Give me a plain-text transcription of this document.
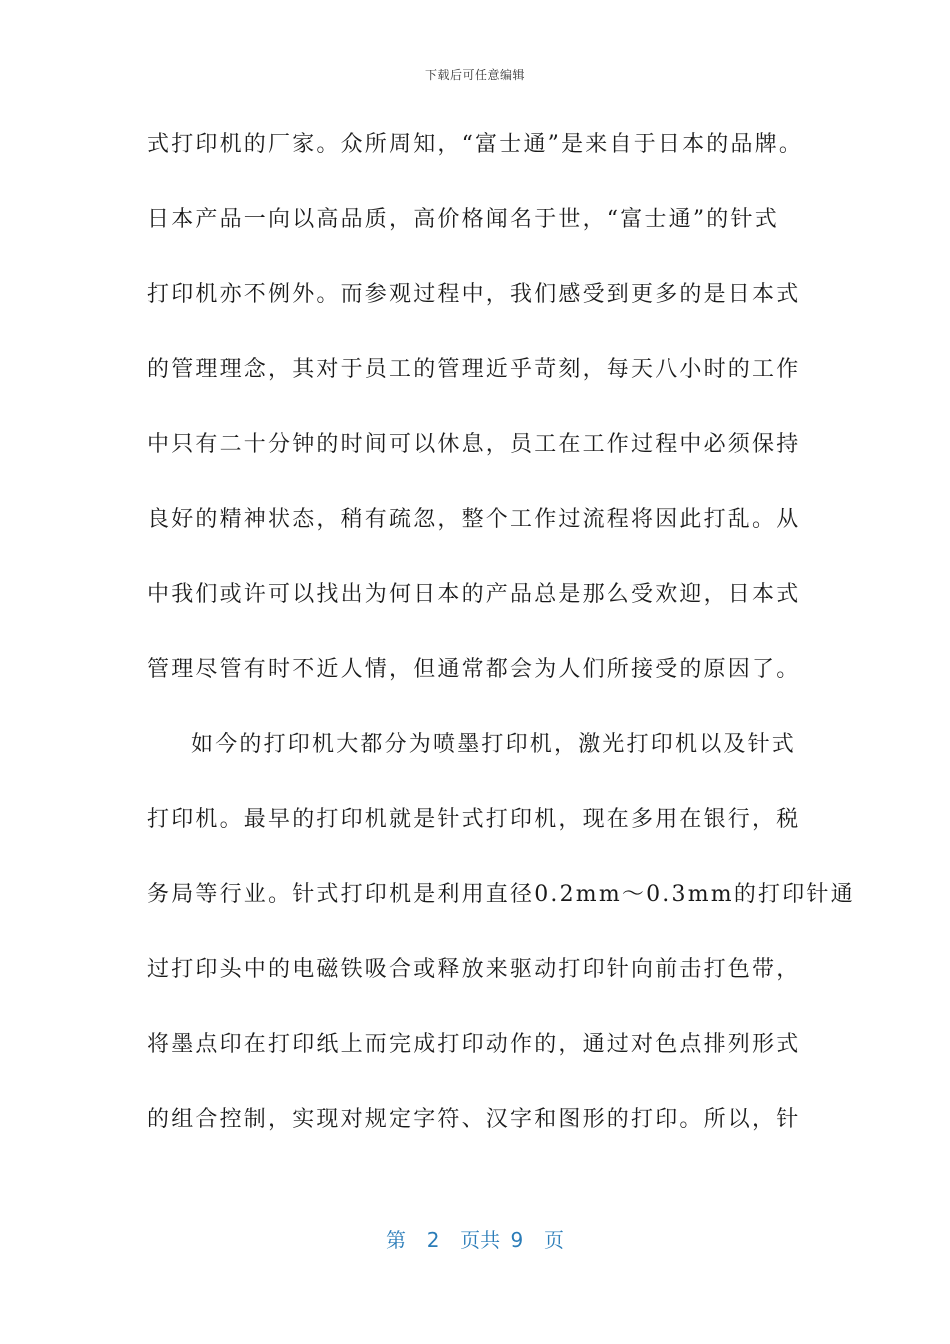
下载后可任意编辑
式打印机的厂家。众所周知，“富士通”是来自于日本的品牌。
日本产品一向以高品质，高价格闻名于世，“富士通”的针式
打印机亦不例外。而参观过程中，我们感受到更多的是日本式
的管理理念，其对于员工的管理近乎苛刻，每天八小时的工作
中只有二十分钟的时间可以休息，员工在工作过程中必须保持
良好的精神状态，稍有疏忽，整个工作过流程将因此打乱。从
中我们或许可以找出为何日本的产品总是那么受欢迎，日本式
管理尽管有时不近人情，但通常都会为人们所接受的原因了。
如今的打印机大都分为喷墨打印机，激光打印机以及针式
打印机。最早的打印机就是针式打印机，现在多用在银行，税
务局等行业。针式打印机是利用直径0.2mm～0.3mm的打印针通
过打印头中的电磁铁吸合或释放来驱动打印针向前击打色带，
将墨点印在打印纸上而完成打印动作的，通过对色点排列形式
的组合控制，实现对规定字符、汉字和图形的打印。所以，针
第  2  页共 9  页
